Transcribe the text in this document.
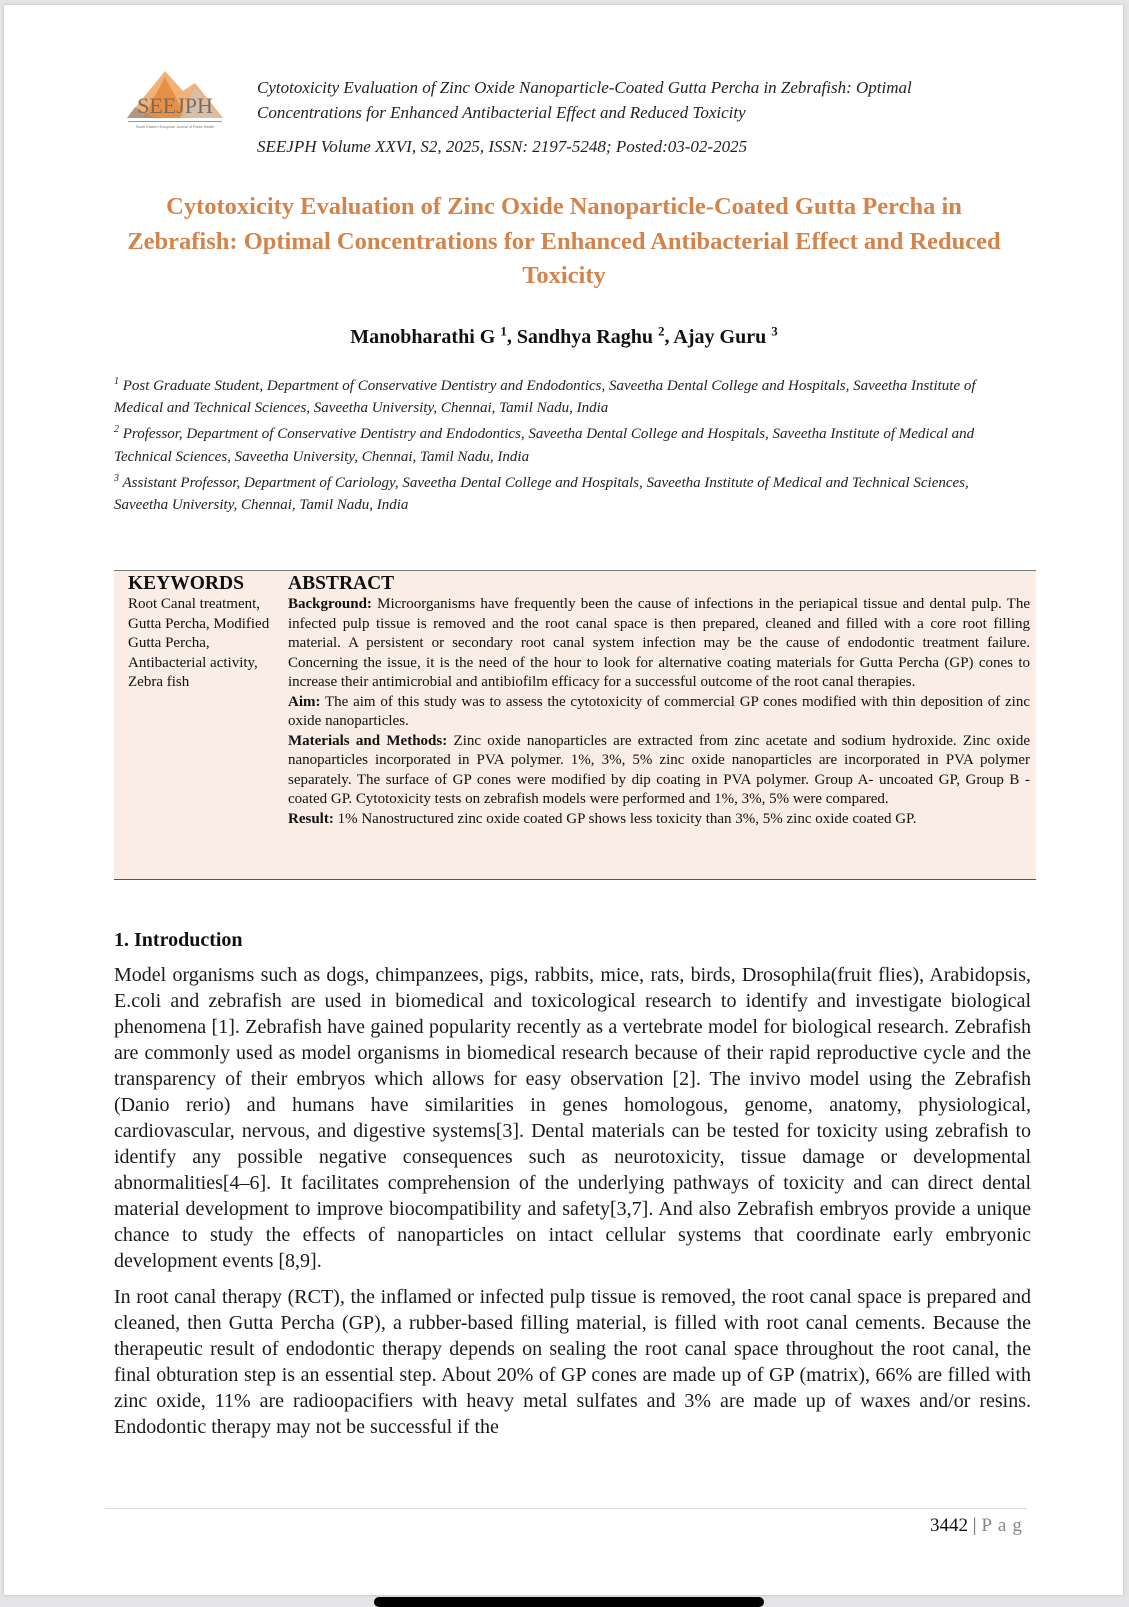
SEEJPH
South Eastern European Journal of Public Health
Cytotoxicity Evaluation of Zinc Oxide Nanoparticle-Coated Gutta Percha in Zebrafish: Optimal Concentrations for Enhanced Antibacterial Effect and Reduced Toxicity
SEEJPH Volume XXVI, S2, 2025, ISSN: 2197-5248; Posted:03-02-2025
Cytotoxicity Evaluation of Zinc Oxide Nanoparticle-Coated Gutta Percha in Zebrafish: Optimal Concentrations for Enhanced Antibacterial Effect and Reduced Toxicity
Manobharathi G $^1$, Sandhya Raghu $^2$, Ajay Guru $^3$
$^1$ Post Graduate Student, Department of Conservative Dentistry and Endodontics, Saveetha Dental College and Hospitals, Saveetha Institute of Medical and Technical Sciences, Saveetha University, Chennai, Tamil Nadu, India
$^2$ Professor, Department of Conservative Dentistry and Endodontics, Saveetha Dental College and Hospitals, Saveetha Institute of Medical and Technical Sciences, Saveetha University, Chennai, Tamil Nadu, India
$^3$ Assistant Professor, Department of Cariology, Saveetha Dental College and Hospitals, Saveetha Institute of Medical and Technical Sciences, Saveetha University, Chennai, Tamil Nadu, India
KEYWORDS
Root Canal treatment, Gutta Percha, Modified Gutta Percha, Antibacterial activity, Zebra fish
ABSTRACT

Background: Microorganisms have frequently been the cause of infections in the periapical tissue and dental pulp. The infected pulp tissue is removed and the root canal space is then prepared, cleaned and filled with a core root filling material. A persistent or secondary root canal system infection may be the cause of endodontic treatment failure. Concerning the issue, it is the need of the hour to look for alternative coating materials for Gutta Percha (GP) cones to increase their antimicrobial and antibiofilm efficacy for a successful outcome of the root canal therapies.

Aim: The aim of this study was to assess the cytotoxicity of commercial GP cones modified with thin deposition of zinc oxide nanoparticles.

Materials and Methods: Zinc oxide nanoparticles are extracted from zinc acetate and sodium hydroxide. Zinc oxide nanoparticles incorporated in PVA polymer. 1%, 3%, 5% zinc oxide nanoparticles are incorporated in PVA polymer separately. The surface of GP cones were modified by dip coating in PVA polymer. Group A- uncoated GP, Group B - coated GP. Cytotoxicity tests on zebrafish models were performed and 1%, 3%, 5% were compared.

Result: 1% Nanostructured zinc oxide coated GP shows less toxicity than 3%, 5% zinc oxide coated GP.

1. Introduction

Model organisms such as dogs, chimpanzees, pigs, rabbits, mice, rats, birds, Drosophila(fruit flies), Arabidopsis, E.coli and zebrafish are used in biomedical and toxicological research to identify and investigate biological phenomena [1]. Zebrafish have gained popularity recently as a vertebrate model for biological research. Zebrafish are commonly used as model organisms in biomedical research because of their rapid reproductive cycle and the transparency of their embryos which allows for easy observation [2]. The invivo model using the Zebrafish (Danio rerio) and humans have similarities in genes homologous, genome, anatomy, physiological, cardiovascular, nervous, and digestive systems[3]. Dental materials can be tested for toxicity using zebrafish to identify any possible negative consequences such as neurotoxicity, tissue damage or developmental abnormalities[4–6]. It facilitates comprehension of the underlying pathways of toxicity and can direct dental material development to improve biocompatibility and safety[3,7]. And also Zebrafish embryos provide a unique chance to study the effects of nanoparticles on intact cellular systems that coordinate early embryonic development events [8,9].

In root canal therapy (RCT), the inflamed or infected pulp tissue is removed, the root canal space is prepared and cleaned, then Gutta Percha (GP), a rubber-based filling material, is filled with root canal cements. Because the therapeutic result of endodontic therapy depends on sealing the root canal space throughout the root canal, the final obturation step is an essential step. About 20% of GP cones are made up of GP (matrix), 66% are filled with zinc oxide, 11% are radioopacifiers with heavy metal sulfates and 3% are made up of waxes and/or resins. Endodontic therapy may not be successful if the

3442 | Pag
